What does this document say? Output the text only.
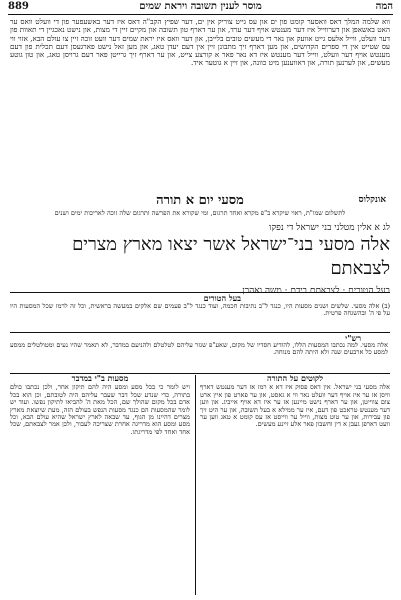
889	מוסר לענין תשובה ויראת שמים	המה

ווא שלמה המלך דאס וואסער קומט פון ים און עס גייט צוריק אין ים, דער שפיץ הקב"ה דאס איז דער באשעפער פון די וועלט וואס ער האט באשאפן און דערווייל איז דער מענטש אויף דער ערד, און ער דארף טון תשובה און מקיים זיין די מצות, און נישט נאכגיין די תאוות פון דער וועלט, ווייל אלעס גייט אוועק און נאר די מעשים טובים בלייבן, און דער וואס איז יראת שמים דער וועט זוכה זיין צו עולם הבא, אזוי ווי עס שטייט אין די ספרים הקדושים, און מען דארף זיך מתבונן זיין אין דעם יעדן טאג, און מען זאל נישט פארגעסן דעם תכלית פון דעם מענטש אויף דער וועלט, ווייל דער מענטש איז דא נאר פאר א קורצע צייט, און ער דארף זיך גרייטן פאר דעם גרויסן טאג, און טון גוטע מעשים, און לערנען תורה, און דאווענען מיט כוונה, און זיין א גוטער איד.

אונקלוס
מסעי יום א תורה
לתשלום שמו"ת, ראוי שיקרא ב"פ מקרא ואחד תרגום, ומי שקורא את הפרשה ותרגום שלה זוכה לאריכות ימים ושנים
לג א אלין מטלני בני ישראל די נפקו
אלה מסעי בני־ישראל אשר יצאו מארץ מצרים לצבאתם
בעל הטורים · לצבאתם בידם · משה ואהרן
בעל הטורים

(ב) אלה מסעי. שלשים ושנים מסעות היו, כנגד ל"ב נתיבות חכמה, ועוד כנגד ל"ב פעמים שם אלקים במעשה בראשית, וכל זה לרמז שכל המסעות היו על פי ה' ובהשגחה פרטית.

רש"י

אלה מסעי. למה נכתבו המסעות הללו, להודיע חסדיו של מקום, שאע"פ שגזר עליהם לטלטלם ולהניעם במדבר, לא תאמר שהיו נעים ומטולטלים ממסע למסע כל ארבעים שנה ולא היתה להם מנוחה.

לקוטים על התורה

אלה מסעי בני ישראל. אין דאס פסוק איז דא א רמז אז דער מענטש דארף וויסן אז ער איז אויף דער וועלט נאר ווי א גאסט, און ער פארט פון איין ארט צום צווייטן, און ער דארף נישט מיינען אז ער איז דא אויף אייביג. און ווען דער מענטש טראכט פון דעם, איז ער ממילא א בעל תשובה, און ער היט זיך פון עבירות, און ער טוט מצות, ווייל ער ווייסט אז עס קומט א טאג ווען ער וועט דארפן געבן א דין וחשבון פאר אלע זיינע מעשים.

מסעות ב"י במדבר

ויש לומר כי בכל מסע ומסע היה להם תיקון אחר, ולכן נכתבו כולם בתורה, כדי שנדע שכל דבר שעבר עליהם היה לטובתם, וכן הוא בכל אדם בכל מקום שהולך שם, הכל מאת ה' להביאו לתיקון נפשו. ועוד יש לומר שהמסעות הם כנגד מסעות הנפש בעולם הזה, מעת שיוצאת מארץ מצרים דהיינו מן הגוף, עד שבאה לארץ ישראל שהיא עולם הבא, וכל מסע ומסע הוא מדריגה אחרת שצריכה לעבור, ולכן אמר לצבאתם, שכל אחד ואחד לפי מדריגתו.
